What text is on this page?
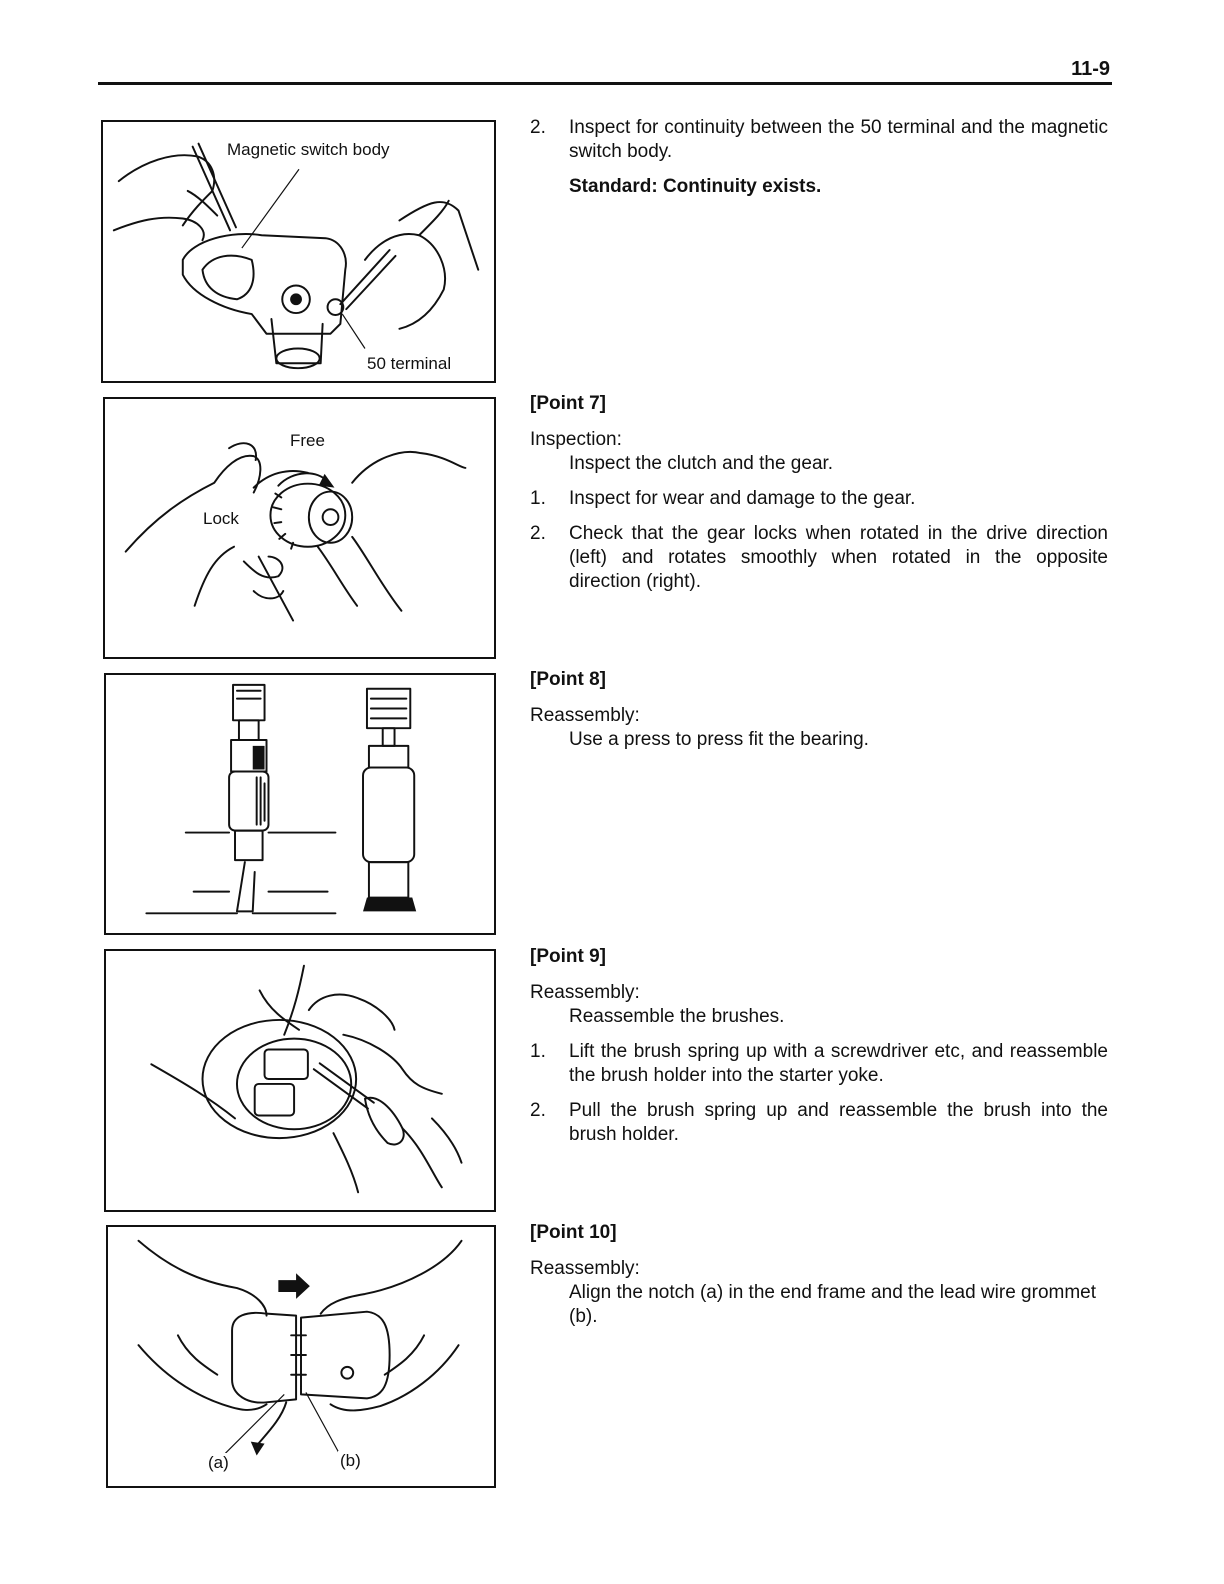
11-9
Magnetic switch body
50 terminal
Free
Lock
(a)	(b)

2. Inspect for continuity between the 50 terminal and the magnetic switch body.

Standard: Continuity exists.

[Point 7]

Inspection:

Inspect the clutch and the gear.

1. Inspect for wear and damage to the gear.

2. Check that the gear locks when rotated in the drive direction (left) and rotates smoothly when rotated in the opposite direction (right).

[Point 8]

Reassembly:

Use a press to press fit the bearing.

[Point 9]

Reassembly:

Reassemble the brushes.

1. Lift the brush spring up with a screwdriver etc, and reassemble the brush holder into the starter yoke.

2. Pull the brush spring up and reassemble the brush into the brush holder.

[Point 10]

Reassembly:

Align the notch (a) in the end frame and the lead wire grommet (b).
